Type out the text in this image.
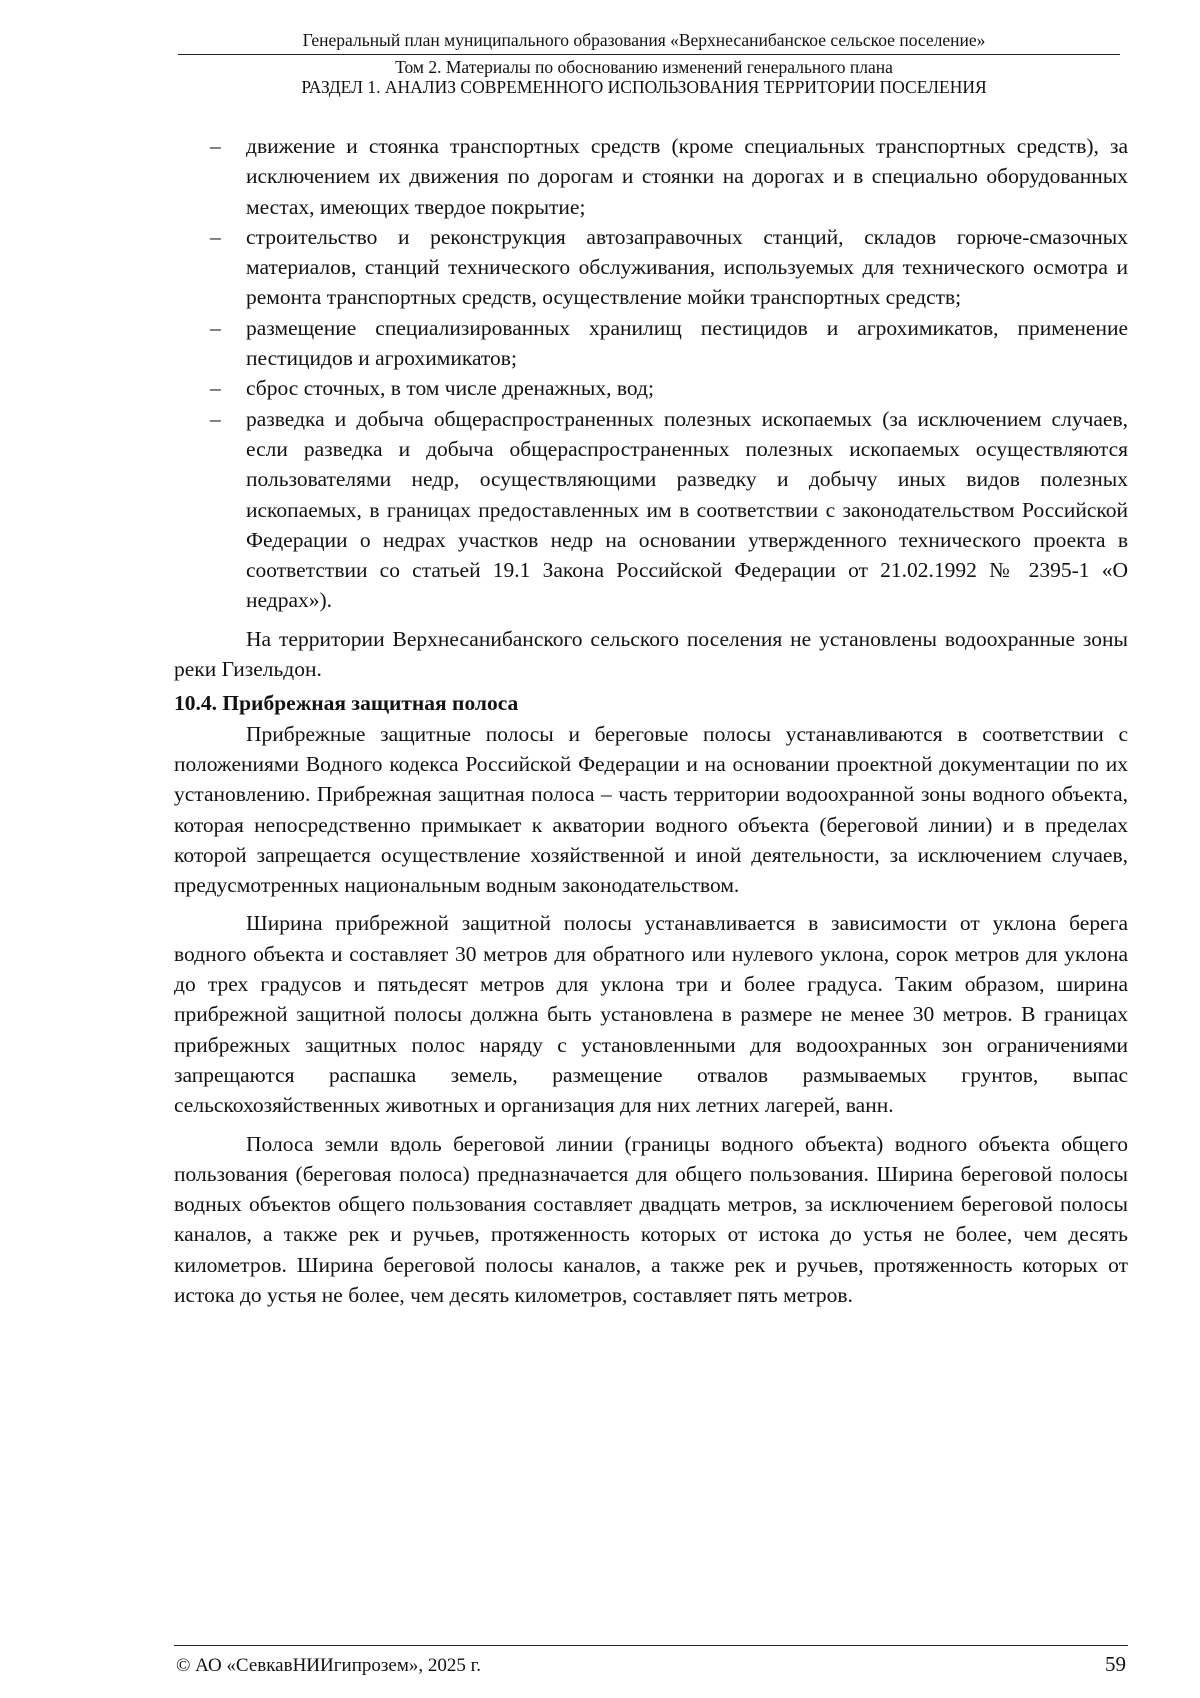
Генеральный план муниципального образования «Верхнесанибанское сельское поселение»
Том 2. Материалы по обоснованию изменений генерального плана
РАЗДЕЛ 1. АНАЛИЗ СОВРЕМЕННОГО ИСПОЛЬЗОВАНИЯ ТЕРРИТОРИИ ПОСЕЛЕНИЯ
– движение и стоянка транспортных средств (кроме специальных транспортных средств), за исключением их движения по дорогам и стоянки на дорогах и в специально оборудованных местах, имеющих твердое покрытие;
– строительство и реконструкция автозаправочных станций, складов горюче-смазочных материалов, станций технического обслуживания, используемых для технического осмотра и ремонта транспортных средств, осуществление мойки транспортных средств;
– размещение специализированных хранилищ пестицидов и агрохимикатов, применение пестицидов и агрохимикатов;
– сброс сточных, в том числе дренажных, вод;
– разведка и добыча общераспространенных полезных ископаемых (за исключением случаев, если разведка и добыча общераспространенных полезных ископаемых осуществляются пользователями недр, осуществляющими разведку и добычу иных видов полезных ископаемых, в границах предоставленных им в соответствии с законодательством Российской Федерации о недрах участков недр на основании утвержденного технического проекта в соответствии со статьей 19.1 Закона Российской Федерации от 21.02.1992 № 2395-1 «О недрах»).

На территории Верхнесанибанского сельского поселения не установлены водоохранные зоны реки Гизельдон.

10.4. Прибрежная защитная полоса

Прибрежные защитные полосы и береговые полосы устанавливаются в соответствии с положениями Водного кодекса Российской Федерации и на основании проектной документации по их установлению. Прибрежная защитная полоса – часть территории водоохранной зоны водного объекта, которая непосредственно примыкает к акватории водного объекта (береговой линии) и в пределах которой запрещается осуществление хозяйственной и иной деятельности, за исключением случаев, предусмотренных национальным водным законодательством.

Ширина прибрежной защитной полосы устанавливается в зависимости от уклона берега водного объекта и составляет 30 метров для обратного или нулевого уклона, сорок метров для уклона до трех градусов и пятьдесят метров для уклона три и более градуса. Таким образом, ширина прибрежной защитной полосы должна быть установлена в размере не менее 30 метров. В границах прибрежных защитных полос наряду с установленными для водоохранных зон ограничениями запрещаются распашка земель, размещение отвалов размываемых грунтов, выпас сельскохозяйственных животных и организация для них летних лагерей, ванн.

Полоса земли вдоль береговой линии (границы водного объекта) водного объекта общего пользования (береговая полоса) предназначается для общего пользования. Ширина береговой полосы водных объектов общего пользования составляет двадцать метров, за исключением береговой полосы каналов, а также рек и ручьев, протяженность которых от истока до устья не более, чем десять километров. Ширина береговой полосы каналов, а также рек и ручьев, протяженность которых от истока до устья не более, чем десять километров, составляет пять метров.

© АО «СевкавНИИгипрозем», 2025 г.	59
